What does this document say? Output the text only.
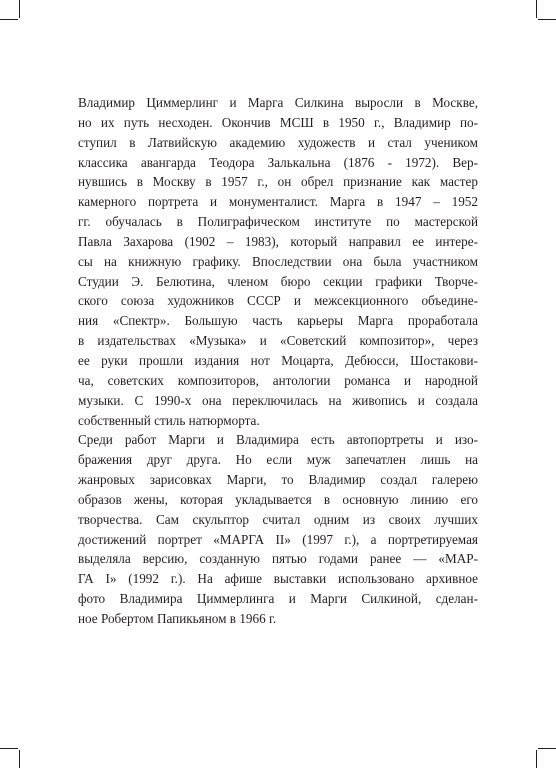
Владимир Циммерлинг и Марга Силкина выросли в Москве,
но их путь несходен. Окончив МСШ в 1950 г., Владимир по-
ступил в Латвийскую академию художеств и стал учеником
классика авангарда Теодора Залькальна (1876 - 1972). Вер-
нувшись в Москву в 1957 г., он обрел признание как мастер
камерного портрета и монументалист. Марга в 1947 – 1952
гг. обучалась в Полиграфическом институте по мастерской
Павла Захарова (1902 – 1983), который направил ее интере-
сы на книжную графику. Впоследствии она была участником
Студии Э. Белютина, членом бюро секции графики Творче-
ского союза художников СССР и межсекционного объедине-
ния «Спектр». Большую часть карьеры Марга проработала
в издательствах «Музыка» и «Советский композитор», через
ее руки прошли издания нот Моцарта, Дебюсси, Шостакови-
ча, советских композиторов, антологии романса и народной
музыки. С 1990-х она переключилась на живопись и создала
собственный стиль натюрморта.
Среди работ Марги и Владимира есть автопортреты и изо-
бражения друг друга. Но если муж запечатлен лишь на
жанровых зарисовках Марги, то Владимир создал галерею
образов жены, которая укладывается в основную линию его
творчества. Сам скульптор считал одним из своих лучших
достижений портрет «МАРГА II» (1997 г.), а портретируемая
выделяла версию, созданную пятью годами ранее — «МАР-
ГА I» (1992 г.). На афише выставки использовано архивное
фото Владимира Циммерлинга и Марги Силкиной, сделан-
ное Робертом Папикьяном в 1966 г.
